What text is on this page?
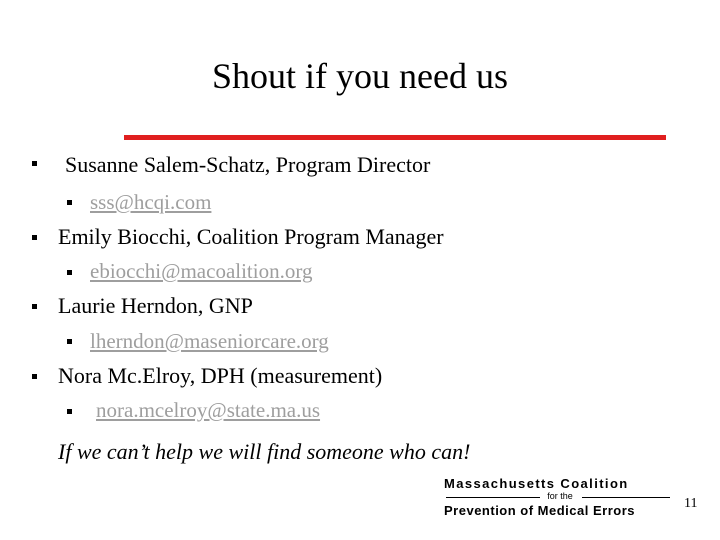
Shout if you need us
Susanne Salem-Schatz, Program Director
sss@hcqi.com
Emily Biocchi, Coalition Program Manager
ebiocchi@macoalition.org
Laurie Herndon, GNP
lherndon@maseniorcare.org
Nora Mc.Elroy, DPH (measurement)
nora.mcelroy@state.ma.us
If we can’t help we will find someone who can!
Massachusetts Coalition
for the
Prevention of Medical Errors	11
